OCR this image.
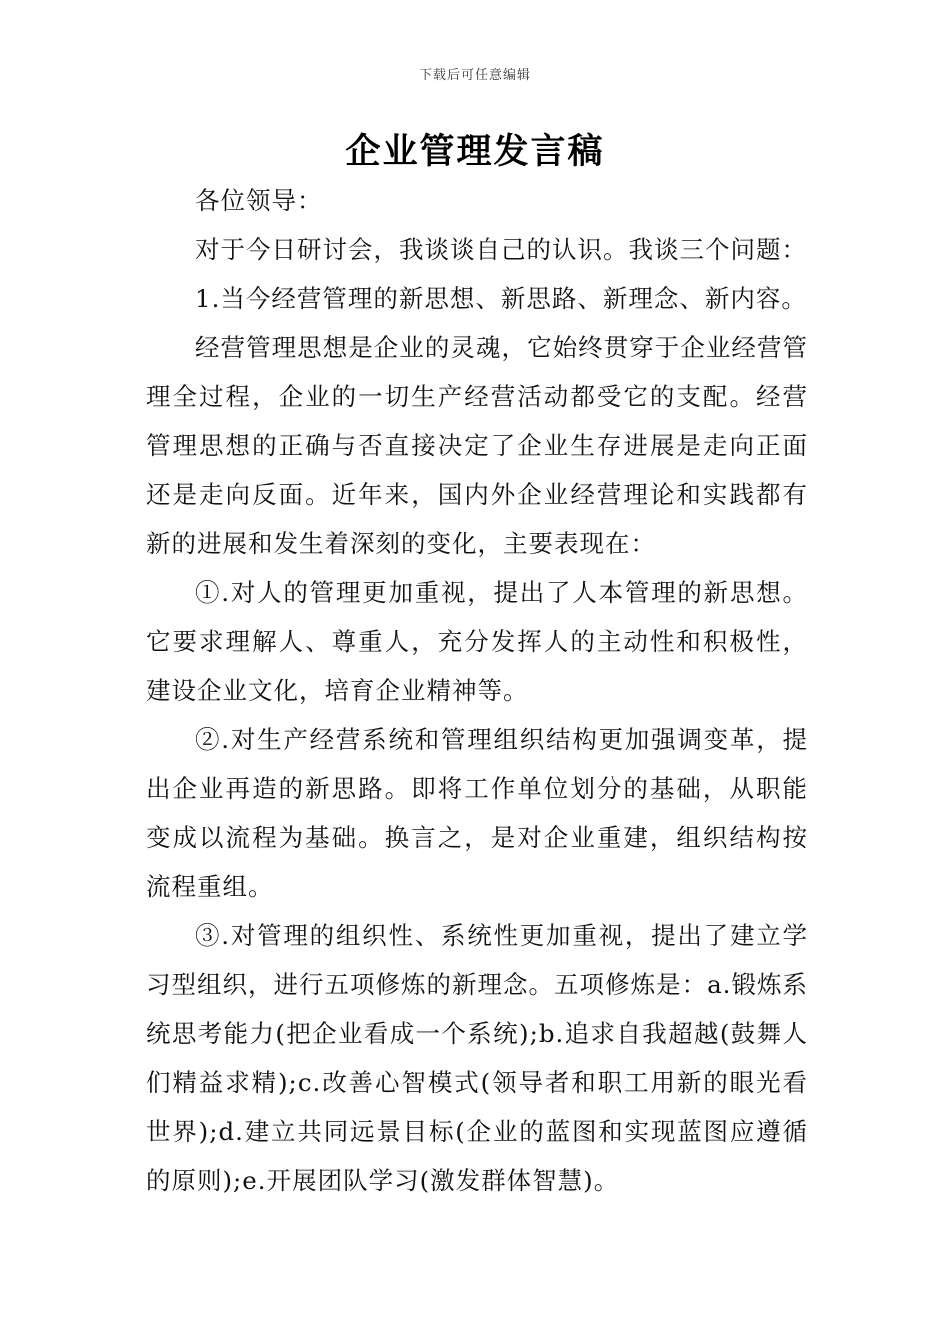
下载后可任意编辑
企业管理发言稿

各位领导：

对于今日研讨会，我谈谈自己的认识。我谈三个问题：

1.当今经营管理的新思想、新思路、新理念、新内容。

经营管理思想是企业的灵魂，它始终贯穿于企业经营管理全过程，企业的一切生产经营活动都受它的支配。经营管理思想的正确与否直接决定了企业生存进展是走向正面还是走向反面。近年来，国内外企业经营理论和实践都有新的进展和发生着深刻的变化，主要表现在：

①.对人的管理更加重视，提出了人本管理的新思想。它要求理解人、尊重人，充分发挥人的主动性和积极性，建设企业文化，培育企业精神等。

②.对生产经营系统和管理组织结构更加强调变革，提出企业再造的新思路。即将工作单位划分的基础，从职能变成以流程为基础。换言之，是对企业重建，组织结构按流程重组。

③.对管理的组织性、系统性更加重视，提出了建立学习型组织，进行五项修炼的新理念。五项修炼是：a.锻炼系统思考能力(把企业看成一个系统);b.追求自我超越(鼓舞人们精益求精);c.改善心智模式(领导者和职工用新的眼光看世界);d.建立共同远景目标(企业的蓝图和实现蓝图应遵循的原则);e.开展团队学习(激发群体智慧)。
